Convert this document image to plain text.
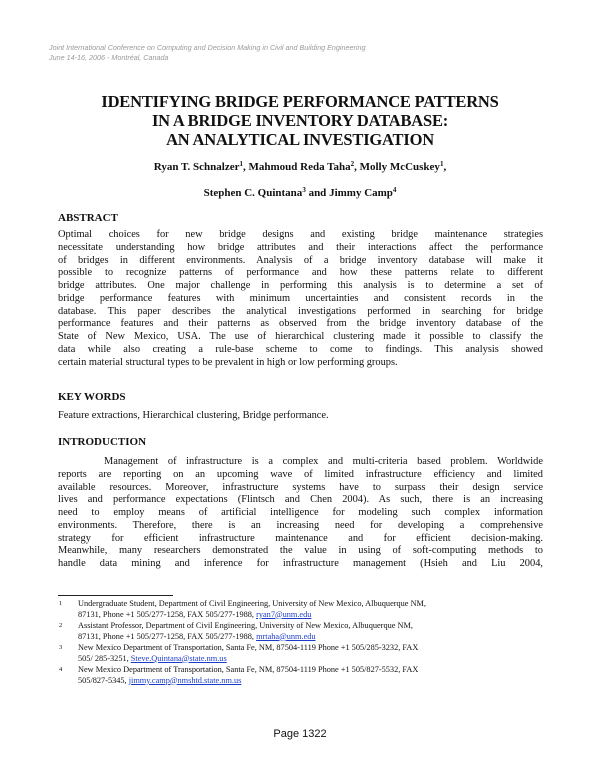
Joint International Conference on Computing and Decision Making in Civil and Building Engineering
June 14-16, 2006 - Montréal, Canada
IDENTIFYING BRIDGE PERFORMANCE PATTERNS
IN A BRIDGE INVENTORY DATABASE:
AN ANALYTICAL INVESTIGATION
Ryan T. Schnalzer$^1$, Mahmoud Reda Taha$^2$, Molly McCuskey$^1$,
Stephen C. Quintana$^3$ and Jimmy Camp$^4$
ABSTRACT
Optimal choices for new bridge designs and existing bridge maintenance strategies
necessitate understanding how bridge attributes and their interactions affect the performance
of bridges in different environments. Analysis of a bridge inventory database will make it
possible to recognize patterns of performance and how these patterns relate to different
bridge attributes. One major challenge in performing this analysis is to determine a set of
bridge performance features with minimum uncertainties and consistent records in the
database. This paper describes the analytical investigations performed in searching for bridge
performance features and their patterns as observed from the bridge inventory database of the
State of New Mexico, USA. The use of hierarchical clustering made it possible to classify the
data while also creating a rule-base scheme to come to findings. This analysis showed
certain material structural types to be prevalent in high or low performing groups.
KEY WORDS
Feature extractions, Hierarchical clustering, Bridge performance.
INTRODUCTION
Management of infrastructure is a complex and multi-criteria based problem. Worldwide
reports are reporting on an upcoming wave of limited infrastructure efficiency and limited
available resources. Moreover, infrastructure systems have to surpass their design service
lives and performance expectations (Flintsch and Chen 2004). As such, there is an increasing
need to employ means of artificial intelligence for modeling such complex information
environments. Therefore, there is an increasing need for developing a comprehensive
strategy for efficient infrastructure maintenance and for efficient decision-making.
Meanwhile, many researchers demonstrated the value in using of soft-computing methods to
handle data mining and inference for infrastructure management (Hsieh and Liu 2004,
1 Undergraduate Student, Department of Civil Engineering, University of New Mexico, Albuquerque NM,
87131, Phone +1 505/277-1258, FAX 505/277-1988, ryan7@unm.edu
2 Assistant Professor, Department of Civil Engineering, University of New Mexico, Albuquerque NM,
87131, Phone +1 505/277-1258, FAX 505/277-1988, mrtaha@unm.edu
3 New Mexico Department of Transportation, Santa Fe, NM, 87504-1119 Phone +1 505/285-3232, FAX
505/ 285-3251, Steve.Quintana@state.nm.us
4 New Mexico Department of Transportation, Santa Fe, NM, 87504-1119 Phone +1 505/827-5532, FAX
505/827-5345, jimmy.camp@nmshtd.state.nm.us
Page 1322
